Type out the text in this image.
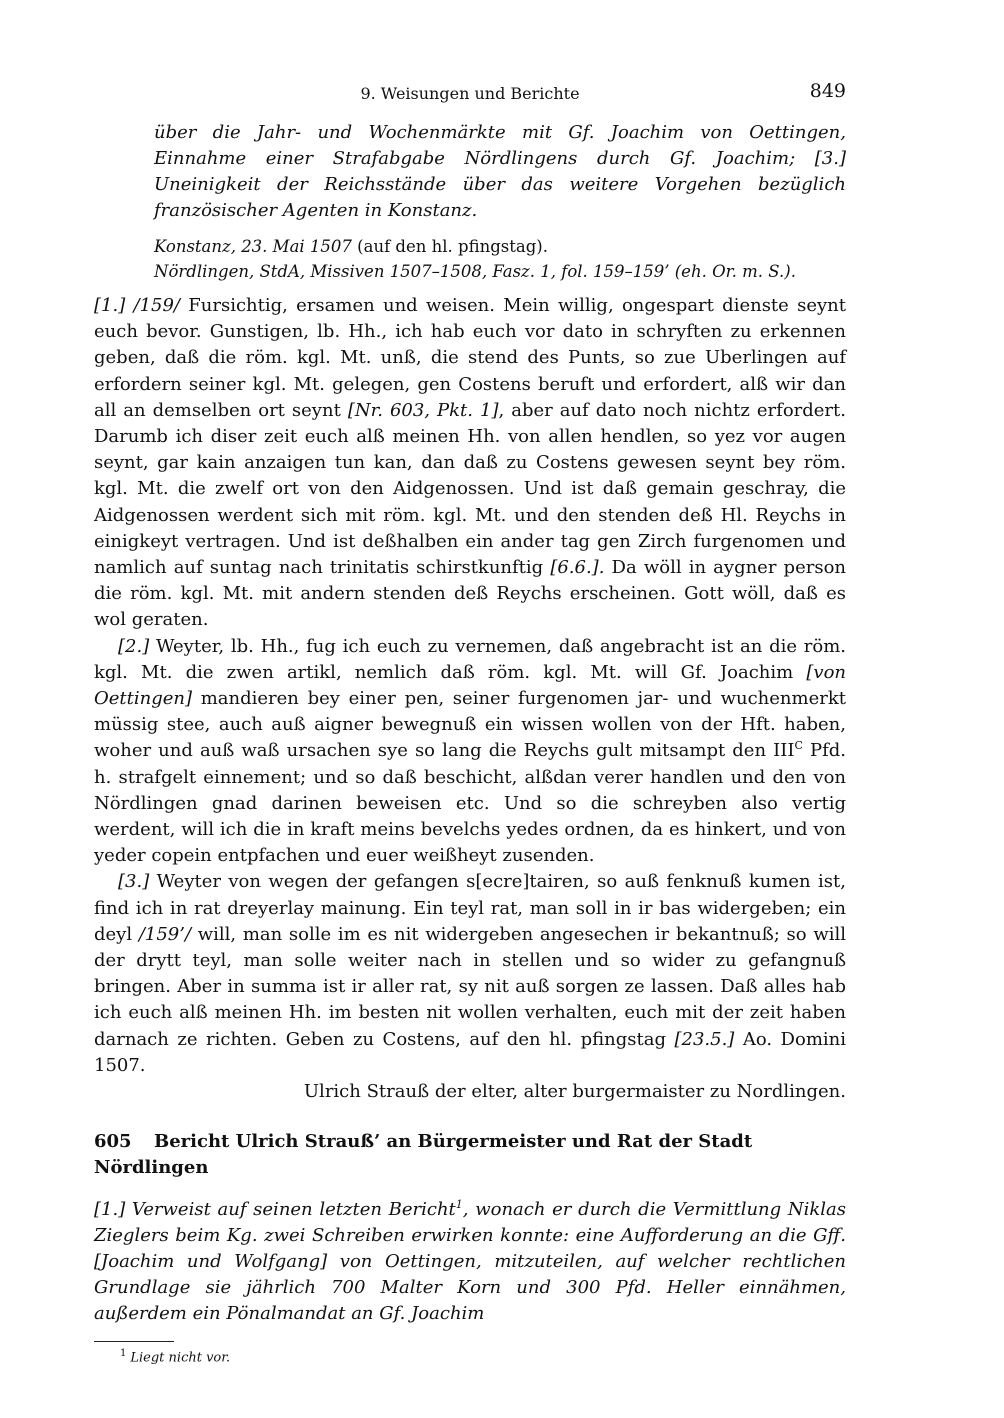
9. Weisungen und Berichte	849
über die Jahr- und Wochenmärkte mit Gf. Joachim von Oettingen, Einnahme einer Strafabgabe Nördlingens durch Gf. Joachim; [3.] Uneinigkeit der Reichsstände über das weitere Vorgehen bezüglich französischer Agenten in Konstanz.
Konstanz, 23. Mai 1507 (auf den hl. pfingstag).
Nördlingen, StdA, Missiven 1507–1508, Fasz. 1, fol. 159–159’ (eh. Or. m. S.).

[1.] /159/ Fursichtig, ersamen und weisen. Mein willig, ongespart dienste seynt euch bevor. Gunstigen, lb. Hh., ich hab euch vor dato in schryften zu erkennen geben, daß die röm. kgl. Mt. unß, die stend des Punts, so zue Uberlingen auf erfordern seiner kgl. Mt. gelegen, gen Costens beruft und erfordert, alß wir dan all an demselben ort seynt [Nr. 603, Pkt. 1], aber auf dato noch nichtz erfordert. Darumb ich diser zeit euch alß meinen Hh. von allen hendlen, so yez vor augen seynt, gar kain anzaigen tun kan, dan daß zu Costens gewesen seynt bey röm. kgl. Mt. die zwelf ort von den Aidgenossen. Und ist daß gemain geschray, die Aidgenossen werdent sich mit röm. kgl. Mt. und den stenden deß Hl. Reychs in einigkeyt vertragen. Und ist deßhalben ein ander tag gen Zirch furgenomen und namlich auf suntag nach trinitatis schirstkunftig [6.6.]. Da wöll in aygner person die röm. kgl. Mt. mit andern stenden deß Reychs erscheinen. Gott wöll, daß es wol geraten.

[2.] Weyter, lb. Hh., fug ich euch zu vernemen, daß angebracht ist an die röm. kgl. Mt. die zwen artikl, nemlich daß röm. kgl. Mt. will Gf. Joachim [von Oettingen] mandieren bey einer pen, seiner furgenomen jar- und wuchenmerkt müssig stee, auch auß aigner bewegnuß ein wissen wollen von der Hft. haben, woher und auß waß ursachen sye so lang die Reychs gult mitsampt den $III^C$ Pfd. h. strafgelt einnement; und so daß beschicht, alßdan verer handlen und den von Nördlingen gnad darinen beweisen etc. Und so die schreyben also vertig werdent, will ich die in kraft meins bevelchs yedes ordnen, da es hinkert, und von yeder copein entpfachen und euer weißheyt zusenden.

[3.] Weyter von wegen der gefangen s[ecre]tairen, so auß fenknuß kumen ist, find ich in rat dreyerlay mainung. Ein teyl rat, man soll in ir bas widergeben; ein deyl /159’/ will, man solle im es nit widergeben angesechen ir bekantnuß; so will der drytt teyl, man solle weiter nach in stellen und so wider zu gefangnuß bringen. Aber in summa ist ir aller rat, sy nit auß sorgen ze lassen. Daß alles hab ich euch alß meinen Hh. im besten nit wollen verhalten, euch mit der zeit haben darnach ze richten. Geben zu Costens, auf den hl. pfingstag [23.5.] Ao. Domini 1507.

Ulrich Strauß der elter, alter burgermaister zu Nordlingen.
605 Bericht Ulrich Strauß’ an Bürgermeister und Rat der Stadt Nördlingen
[1.] Verweist auf seinen letzten Bericht$^1$, wonach er durch die Vermittlung Niklas Zieglers beim Kg. zwei Schreiben erwirken konnte: eine Aufforderung an die Gff. [Joachim und Wolfgang] von Oettingen, mitzuteilen, auf welcher rechtlichen Grundlage sie jährlich 700 Malter Korn und 300 Pfd. Heller einnähmen, außerdem ein Pönalmandat an Gf. Joachim
$^1$ Liegt nicht vor.
